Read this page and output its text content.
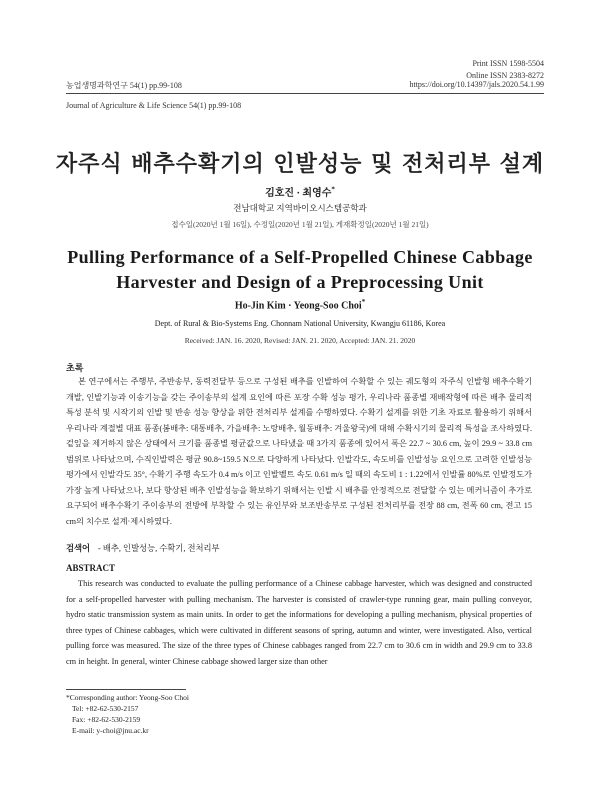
Print ISSN 1598-5504
Online ISSN 2383-8272
농업생명과학연구 54(1) pp.99-108	https://doi.org/10.14397/jals.2020.54.1.99
Journal of Agriculture & Life Science 54(1) pp.99-108
자주식 배추수확기의 인발성능 및 전처리부 설계
김호진 · 최영수*
전남대학교 지역바이오시스템공학과
접수일(2020년 1월 16일), 수정일(2020년 1월 21일), 게재확정일(2020년 1월 21일)
Pulling Performance of a Self-Propelled Chinese Cabbage
Harvester and Design of a Preprocessing Unit
Ho-Jin Kim · Yeong-Soo Choi*
Dept. of Rural & Bio-Systems Eng. Chonnam National University, Kwangju 61186, Korea
Received: JAN. 16. 2020, Revised: JAN. 21. 2020, Accepted: JAN. 21. 2020
초록
본 연구에서는 주행부, 주반송부, 동력전달부 등으로 구성된 배추를 인발하여 수확할 수 있는 궤도형의 자주식 인발형 배추수확기 개발, 인발기능과 이송기능을 갖는 주이송부의 설계 요인에 따른 포장 수확 성능 평가, 우리나라 품종별 재배작형에 따른 배추 물리적 특성 분석 및 시작기의 인발 및 반송 성능 향상을 위한 전처리부 설계를 수행하였다. 수확기 설계를 위한 기초 자료로 활용하기 위해서 우리나라 계절별 대표 품종(봄배추: 대통배추, 가을배추: 노랑배추, 월동배추: 겨울왕국)에 대해 수확시기의 물리적 특성을 조사하였다. 겉잎을 제거하지 않은 상태에서 크기를 품종별 평균값으로 나타냈을 때 3가지 품종에 있어서 폭은 22.7 ~ 30.6 cm, 높이 29.9 ~ 33.8 cm 범위로 나타났으며, 수직인발력은 평균 90.8~159.5 N으로 다양하게 나타났다. 인발각도, 속도비를 인발성능 요인으로 고려한 인발성능 평가에서 인발각도 35°, 수확기 주행 속도가 0.4 m/s 이고 인발벨트 속도 0.61 m/s 일 때의 속도비 1 : 1.22에서 인발률 80%로 인발정도가 가장 높게 나타났으나, 보다 향상된 배추 인발성능을 확보하기 위해서는 인발 시 배추를 안정적으로 전달할 수 있는 메커니즘이 추가로 요구되어 배추수확기 주이송부의 전방에 부착할 수 있는 유인부와 보조반송부로 구성된 전처리부를 전장 88 cm, 전폭 60 cm, 전고 15 cm의 치수로 설계·제시하였다.
검색어 - 배추, 인발성능, 수확기, 전처리부
ABSTRACT
This research was conducted to evaluate the pulling performance of a Chinese cabbage harvester, which was designed and constructed for a self-propelled harvester with pulling mechanism. The harvester is consisted of crawler-type running gear, main pulling conveyor, hydro static transmission system as main units. In order to get the informations for developing a pulling mechanism, physical properties of three types of Chinese cabbages, which were cultivated in different seasons of spring, autumn and winter, were investigated. Also, vertical pulling force was measured. The size of the three types of Chinese cabbages ranged from 22.7 cm to 30.6 cm in width and 29.9 cm to 33.8 cm in height. In general, winter Chinese cabbage showed larger size than other
*Corresponding author: Yeong-Soo Choi
Tel: +82-62-530-2157
Fax: +82-62-530-2159
E-mail: y-choi@jnu.ac.kr
